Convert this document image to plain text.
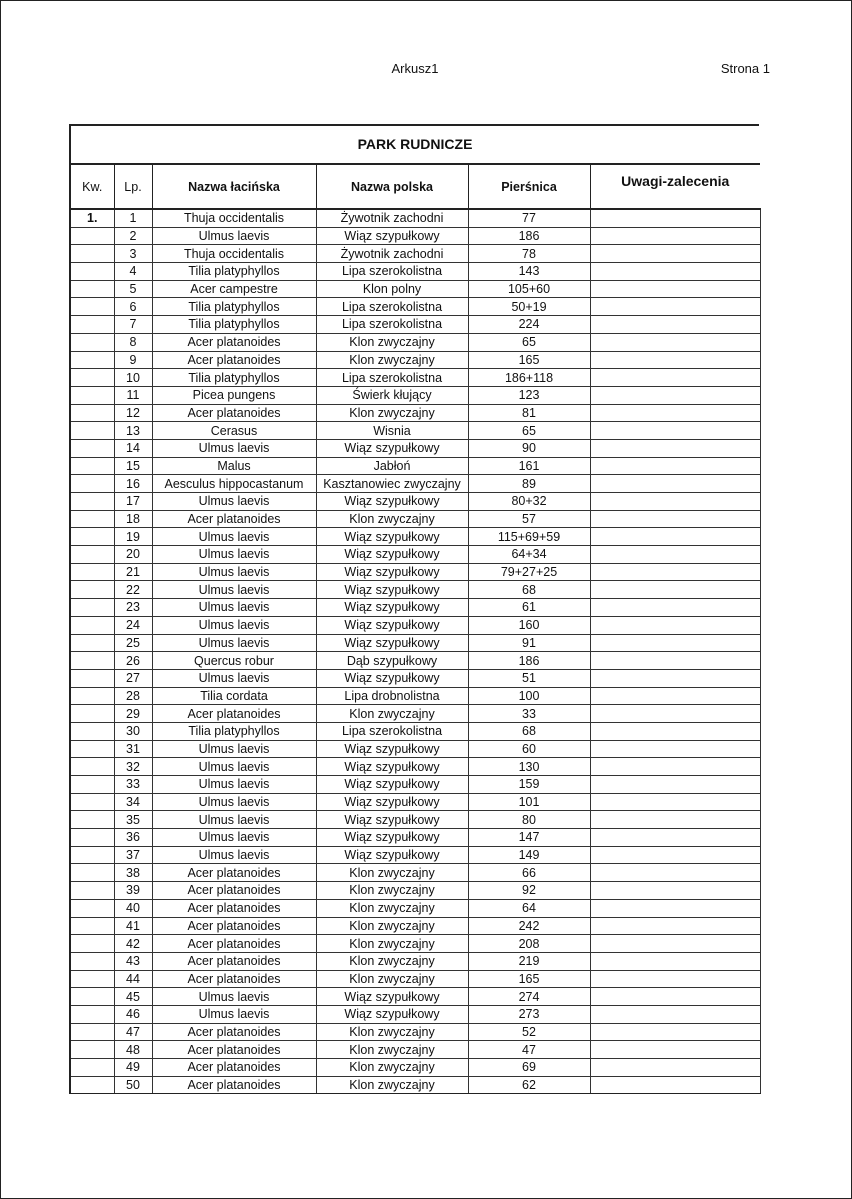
Arkusz1	Strona 1
PARK RUDNICZE
Kw.	Lp.	Nazwa łacińska	Nazwa polska	Pierśnica	Uwagi-zalecenia
1.	1	Thuja occidentalis	Żywotnik zachodni	77	
	2	Ulmus laevis	Wiąz szypułkowy	186	
	3	Thuja occidentalis	Żywotnik zachodni	78	
	4	Tilia platyphyllos	Lipa szerokolistna	143	
	5	Acer campestre	Klon polny	105+60	
	6	Tilia platyphyllos	Lipa szerokolistna	50+19	
	7	Tilia platyphyllos	Lipa szerokolistna	224	
	8	Acer platanoides	Klon zwyczajny	65	
	9	Acer platanoides	Klon zwyczajny	165	
	10	Tilia platyphyllos	Lipa szerokolistna	186+118	
	11	Picea pungens	Świerk kłujący	123	
	12	Acer platanoides	Klon zwyczajny	81	
	13	Cerasus	Wisnia	65	
	14	Ulmus laevis	Wiąz szypułkowy	90	
	15	Malus	Jabłoń	161	
	16	Aesculus hippocastanum	Kasztanowiec zwyczajny	89	
	17	Ulmus laevis	Wiąz szypułkowy	80+32	
	18	Acer platanoides	Klon zwyczajny	57	
	19	Ulmus laevis	Wiąz szypułkowy	115+69+59	
	20	Ulmus laevis	Wiąz szypułkowy	64+34	
	21	Ulmus laevis	Wiąz szypułkowy	79+27+25	
	22	Ulmus laevis	Wiąz szypułkowy	68	
	23	Ulmus laevis	Wiąz szypułkowy	61	
	24	Ulmus laevis	Wiąz szypułkowy	160	
	25	Ulmus laevis	Wiąz szypułkowy	91	
	26	Quercus robur	Dąb szypułkowy	186	
	27	Ulmus laevis	Wiąz szypułkowy	51	
	28	Tilia cordata	Lipa drobnolistna	100	
	29	Acer platanoides	Klon zwyczajny	33	
	30	Tilia platyphyllos	Lipa szerokolistna	68	
	31	Ulmus laevis	Wiąz szypułkowy	60	
	32	Ulmus laevis	Wiąz szypułkowy	130	
	33	Ulmus laevis	Wiąz szypułkowy	159	
	34	Ulmus laevis	Wiąz szypułkowy	101	
	35	Ulmus laevis	Wiąz szypułkowy	80	
	36	Ulmus laevis	Wiąz szypułkowy	147	
	37	Ulmus laevis	Wiąz szypułkowy	149	
	38	Acer platanoides	Klon zwyczajny	66	
	39	Acer platanoides	Klon zwyczajny	92	
	40	Acer platanoides	Klon zwyczajny	64	
	41	Acer platanoides	Klon zwyczajny	242	
	42	Acer platanoides	Klon zwyczajny	208	
	43	Acer platanoides	Klon zwyczajny	219	
	44	Acer platanoides	Klon zwyczajny	165	
	45	Ulmus laevis	Wiąz szypułkowy	274	
	46	Ulmus laevis	Wiąz szypułkowy	273	
	47	Acer platanoides	Klon zwyczajny	52	
	48	Acer platanoides	Klon zwyczajny	47	
	49	Acer platanoides	Klon zwyczajny	69	
	50	Acer platanoides	Klon zwyczajny	62	
